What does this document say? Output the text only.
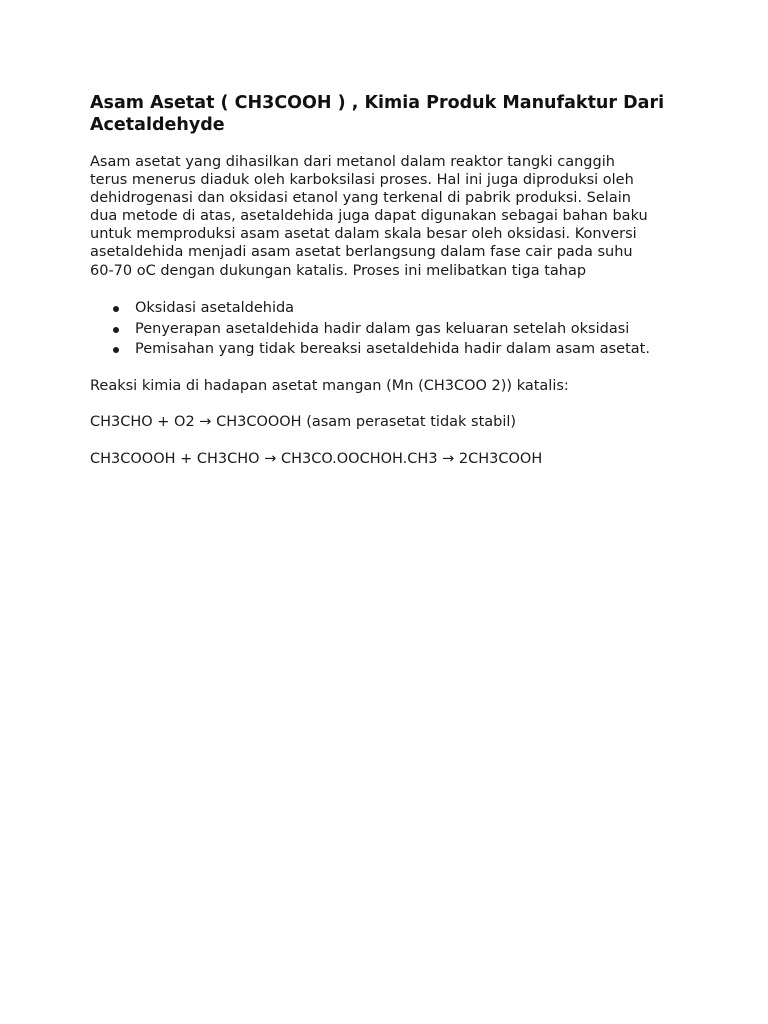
Asam Asetat ( CH3COOH ) , Kimia Produk Manufaktur Dari
Acetaldehyde

Asam asetat yang dihasilkan dari metanol dalam reaktor tangki canggih
terus menerus diaduk oleh karboksilasi proses. Hal ini juga diproduksi oleh
dehidrogenasi dan oksidasi etanol yang terkenal di pabrik produksi. Selain
dua metode di atas, asetaldehida juga dapat digunakan sebagai bahan baku
untuk memproduksi asam asetat dalam skala besar oleh oksidasi. Konversi
asetaldehida menjadi asam asetat berlangsung dalam fase cair pada suhu
60-70 oC dengan dukungan katalis. Proses ini melibatkan tiga tahap

Oksidasi asetaldehida
Penyerapan asetaldehida hadir dalam gas keluaran setelah oksidasi
Pemisahan yang tidak bereaksi asetaldehida hadir dalam asam asetat.

Reaksi kimia di hadapan asetat mangan (Mn (CH3COO 2)) katalis:

CH3CHO + O2 → CH3COOOH (asam perasetat tidak stabil)

CH3COOOH + CH3CHO → CH3CO.OOCHOH.CH3 → 2CH3COOH
